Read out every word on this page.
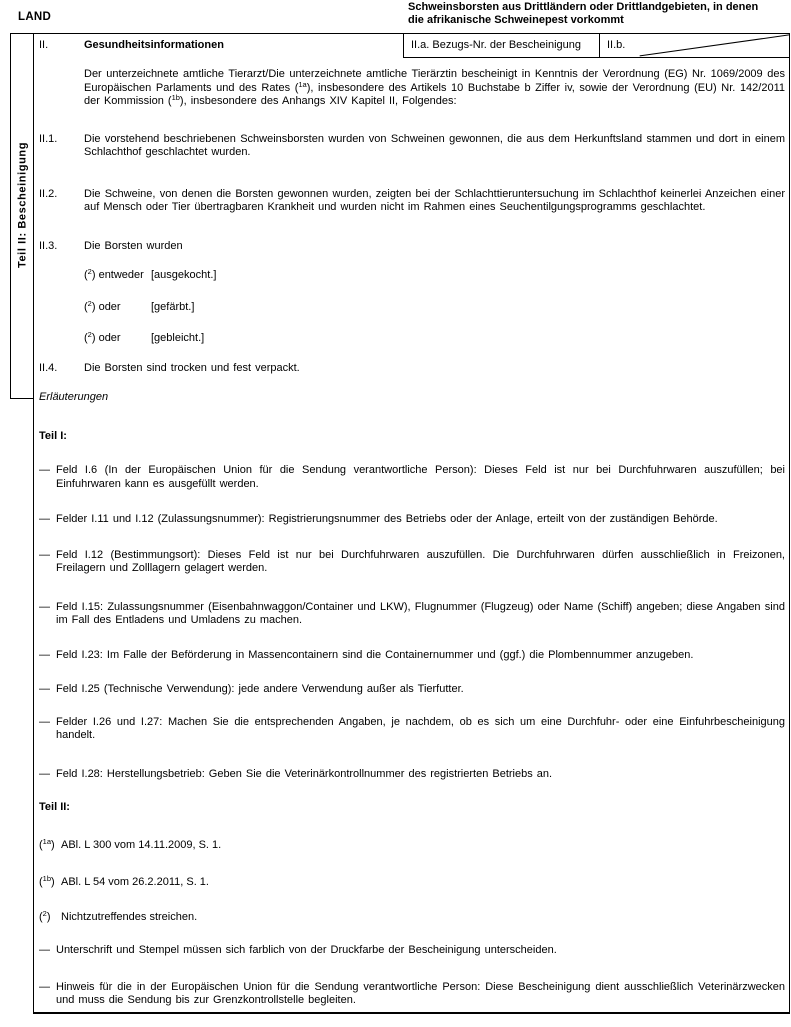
LAND
Schweinsborsten aus Drittländern oder Drittlandgebieten, in denen
die afrikanische Schweinepest vorkommt
Teil II: Bescheinigung
II.	Gesundheitsinformationen	II.a. Bezugs-Nr. der Bescheinigung	II.b.
Der unterzeichnete amtliche Tierarzt/Die unterzeichnete amtliche Tierärztin bescheinigt in Kenntnis der Verordnung (EG) Nr. 1069/2009 des Europäischen Parlaments und des Rates ($^{1a}$), insbesondere des Artikels 10 Buchstabe b Ziffer iv, sowie der Verordnung (EU) Nr. 142/2011 der Kommission ($^{1b}$), insbesondere des Anhangs XIV Kapitel II, Folgendes:
II.1.	Die vorstehend beschriebenen Schweinsborsten wurden von Schweinen gewonnen, die aus dem Herkunftsland stammen und dort in einem Schlachthof geschlachtet wurden.
II.2.	Die Schweine, von denen die Borsten gewonnen wurden, zeigten bei der Schlachttieruntersuchung im Schlachthof keinerlei Anzeichen einer auf Mensch oder Tier übertragbaren Krankheit und wurden nicht im Rahmen eines Seuchentilgungsprogramms geschlachtet.
II.3.	Die Borsten wurden
($^2$) entweder [ausgekocht.]
($^2$) oder	[gefärbt.]
($^2$) oder	[gebleicht.]
II.4.	Die Borsten sind trocken und fest verpackt.
Erläuterungen
Teil I:
— Feld I.6 (In der Europäischen Union für die Sendung verantwortliche Person): Dieses Feld ist nur bei Durchfuhrwaren auszufüllen; bei Einfuhrwaren kann es ausgefüllt werden.
— Felder I.11 und I.12 (Zulassungsnummer): Registrierungsnummer des Betriebs oder der Anlage, erteilt von der zuständigen Behörde.
— Feld I.12 (Bestimmungsort): Dieses Feld ist nur bei Durchfuhrwaren auszufüllen. Die Durchfuhrwaren dürfen ausschließlich in Freizonen, Freilagern und Zolllagern gelagert werden.
— Feld I.15: Zulassungsnummer (Eisenbahnwaggon/Container und LKW), Flugnummer (Flugzeug) oder Name (Schiff) angeben; diese Angaben sind im Fall des Entladens und Umladens zu machen.
— Feld I.23: Im Falle der Beförderung in Massencontainern sind die Containernummer und (ggf.) die Plombennummer anzugeben.
— Feld I.25 (Technische Verwendung): jede andere Verwendung außer als Tierfutter.
— Felder I.26 und I.27: Machen Sie die entsprechenden Angaben, je nachdem, ob es sich um eine Durchfuhr- oder eine Einfuhrbescheinigung handelt.
— Feld I.28: Herstellungsbetrieb: Geben Sie die Veterinärkontrollnummer des registrierten Betriebs an.
Teil II:
($^{1a}$) ABl. L 300 vom 14.11.2009, S. 1.
($^{1b}$) ABl. L 54 vom 26.2.2011, S. 1.
($^2$) Nichtzutreffendes streichen.
— Unterschrift und Stempel müssen sich farblich von der Druckfarbe der Bescheinigung unterscheiden.
— Hinweis für die in der Europäischen Union für die Sendung verantwortliche Person: Diese Bescheinigung dient ausschließlich Veterinärzwecken und muss die Sendung bis zur Grenzkontrollstelle begleiten.
